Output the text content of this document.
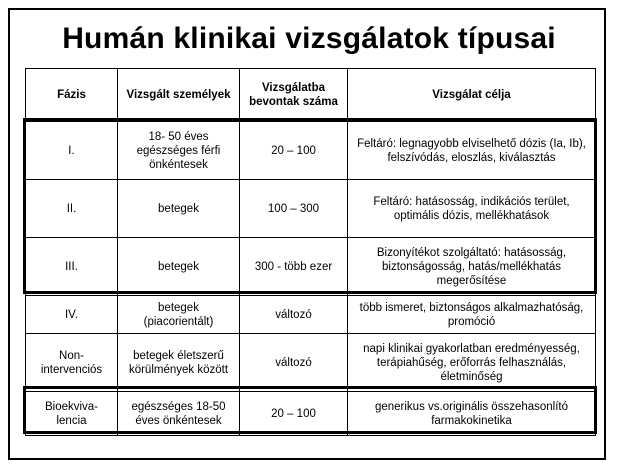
Humán klinikai vizsgálatok típusai
Fázis	Vizsgált személyek	Vizsgálatba bevontak száma	Vizsgálat célja
I.	18- 50 éves egészséges férfi önkéntesek	20 – 100	Feltáró: legnagyobb elviselhető dózis (Ia, Ib), felszívódás, eloszlás, kiválasztás
II.	betegek	100 – 300	Feltáró: hatásosság, indikációs terület, optimális dózis, mellékhatások
III.	betegek	300 - több ezer	Bizonyítékot szolgáltató: hatásosság, biztonságosság, hatás/mellékhatás megerősítése
IV.	betegek (piacorientált)	változó	több ismeret, biztonságos alkalmazhatóság, promóció
Non-intervenciós	betegek életszerű körülmények között	változó	napi klinikai gyakorlatban eredményesség, terápiahűség, erőforrás felhasználás, életminőség
Bioekviva-lencia	egészséges 18-50 éves önkéntesek	20 – 100	generikus vs.originális összehasonlító farmakokinetika
